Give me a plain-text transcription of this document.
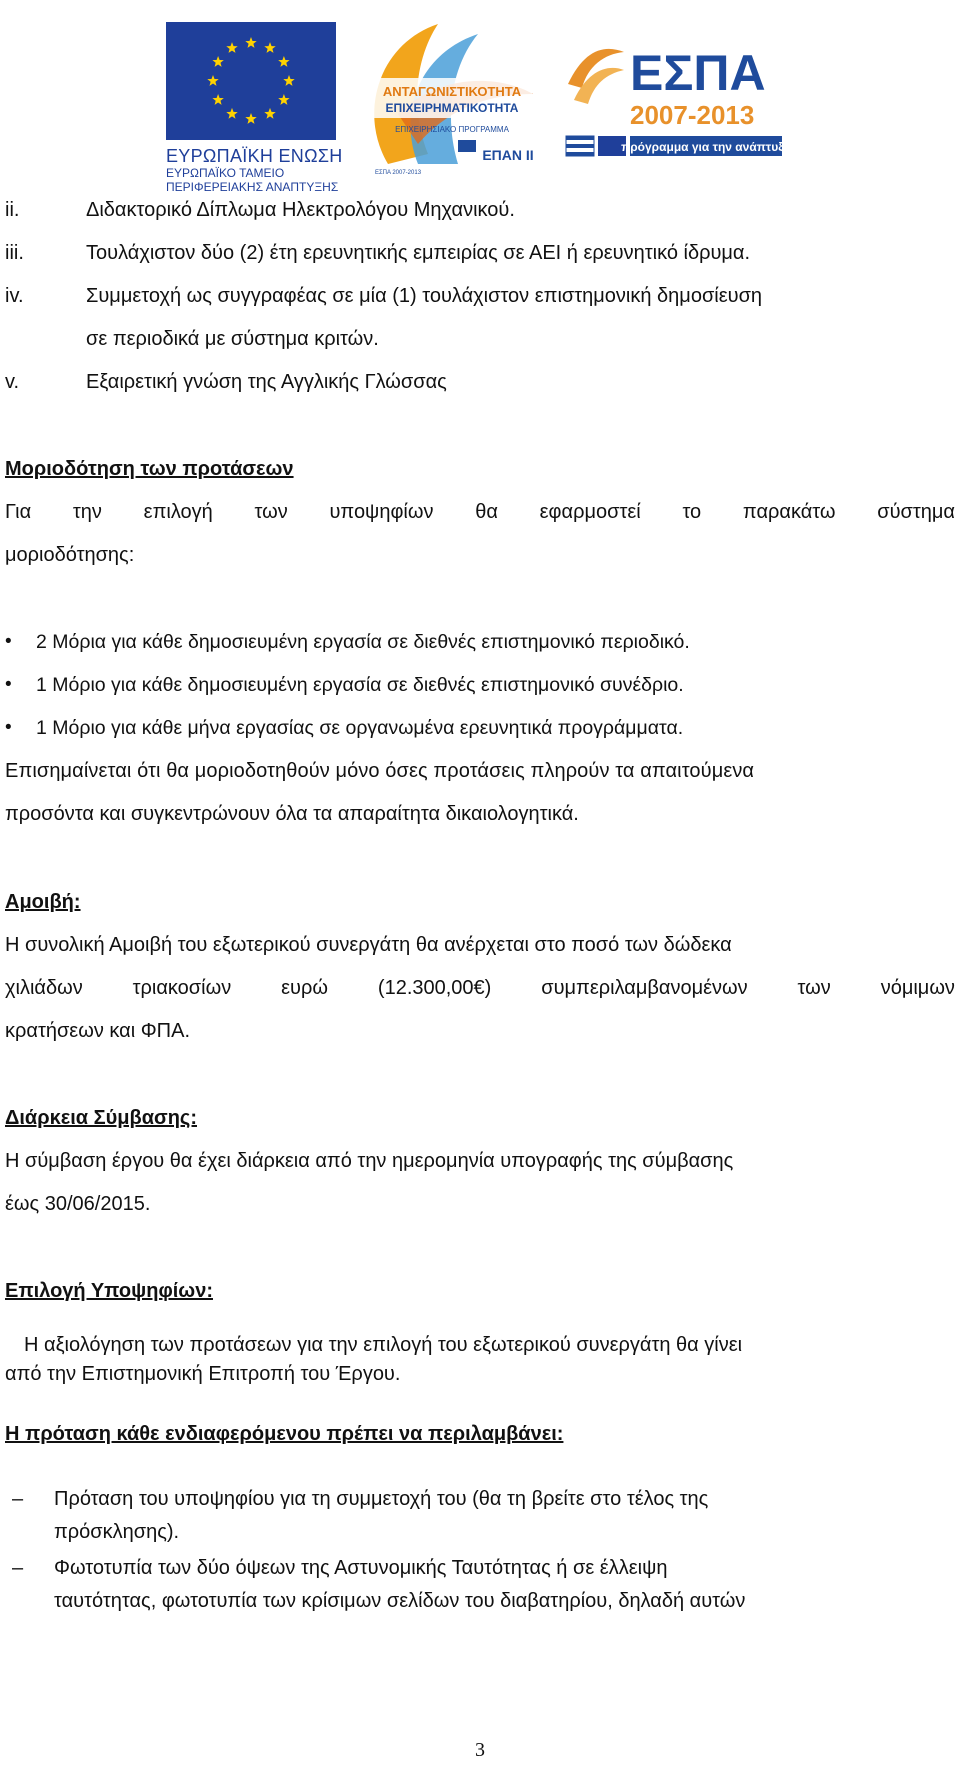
ΕΥΡΩΠΑΪΚΗ ΕΝΩΣΗ
ΕΥΡΩΠΑΪΚΟ ΤΑΜΕΙΟ
ΠΕΡΙΦΕΡΕΙΑΚΗΣ ΑΝΑΠΤΥΞΗΣ
ΑΝΤΑΓΩΝΙΣΤΙΚΟΤΗΤΑ
ΕΠΙΧΕΙΡΗΜΑΤΙΚΟΤΗΤΑ
ΕΠΙΧΕΙΡΗΣΙΑΚΟ ΠΡΟΓΡΑΜΜΑ
ΕΠΑΝ ΙΙ
ΕΣΠΑ 2007-2013
ΕΣΠΑ
2007-2013
πρόγραμμα για την ανάπτυξη
ii.	Διδακτορικό Δίπλωμα Ηλεκτρολόγου Μηχανικού.
iii.	Τουλάχιστον δύο (2) έτη ερευνητικής εμπειρίας σε ΑΕΙ ή ερευνητικό ίδρυμα.
iv.	Συμμετοχή ως συγγραφέας σε μία (1) τουλάχιστον επιστημονική δημοσίευση
σε περιοδικά με σύστημα κριτών.
v.	Εξαιρετική γνώση της Αγγλικής Γλώσσας
Μοριοδότηση των προτάσεων
Για την επιλογή των υποψηφίων θα εφαρμοστεί το παρακάτω σύστημα
μοριοδότησης:
• 2 Μόρια για κάθε δημοσιευμένη εργασία σε διεθνές επιστημονικό περιοδικό.
• 1 Μόριο για κάθε δημοσιευμένη εργασία σε διεθνές επιστημονικό συνέδριο.
• 1 Μόριο για κάθε μήνα εργασίας σε οργανωμένα ερευνητικά προγράμματα.
Επισημαίνεται ότι θα μοριοδοτηθούν μόνο όσες προτάσεις πληρούν τα απαιτούμενα
προσόντα και συγκεντρώνουν όλα τα απαραίτητα δικαιολογητικά.
Αμοιβή:
Η συνολική Αμοιβή του εξωτερικού συνεργάτη θα ανέρχεται στο ποσό των δώδεκα
χιλιάδων τριακοσίων ευρώ (12.300,00€) συμπεριλαμβανομένων των νόμιμων
κρατήσεων και ΦΠΑ.
Διάρκεια Σύμβασης:
Η σύμβαση έργου θα έχει διάρκεια από την ημερομηνία υπογραφής της σύμβασης
έως 30/06/2015.
Επιλογή Υποψηφίων:
Η αξιολόγηση των προτάσεων για την επιλογή του εξωτερικού συνεργάτη θα γίνει
από την Επιστημονική Επιτροπή του Έργου.
Η πρόταση κάθε ενδιαφερόμενου πρέπει να περιλαμβάνει:
– Πρόταση του υποψηφίου για τη συμμετοχή του (θα τη βρείτε στο τέλος της
πρόσκλησης).
– Φωτοτυπία των δύο όψεων της Αστυνομικής Ταυτότητας ή σε έλλειψη
ταυτότητας, φωτοτυπία των κρίσιμων σελίδων του διαβατηρίου, δηλαδή αυτών
3
